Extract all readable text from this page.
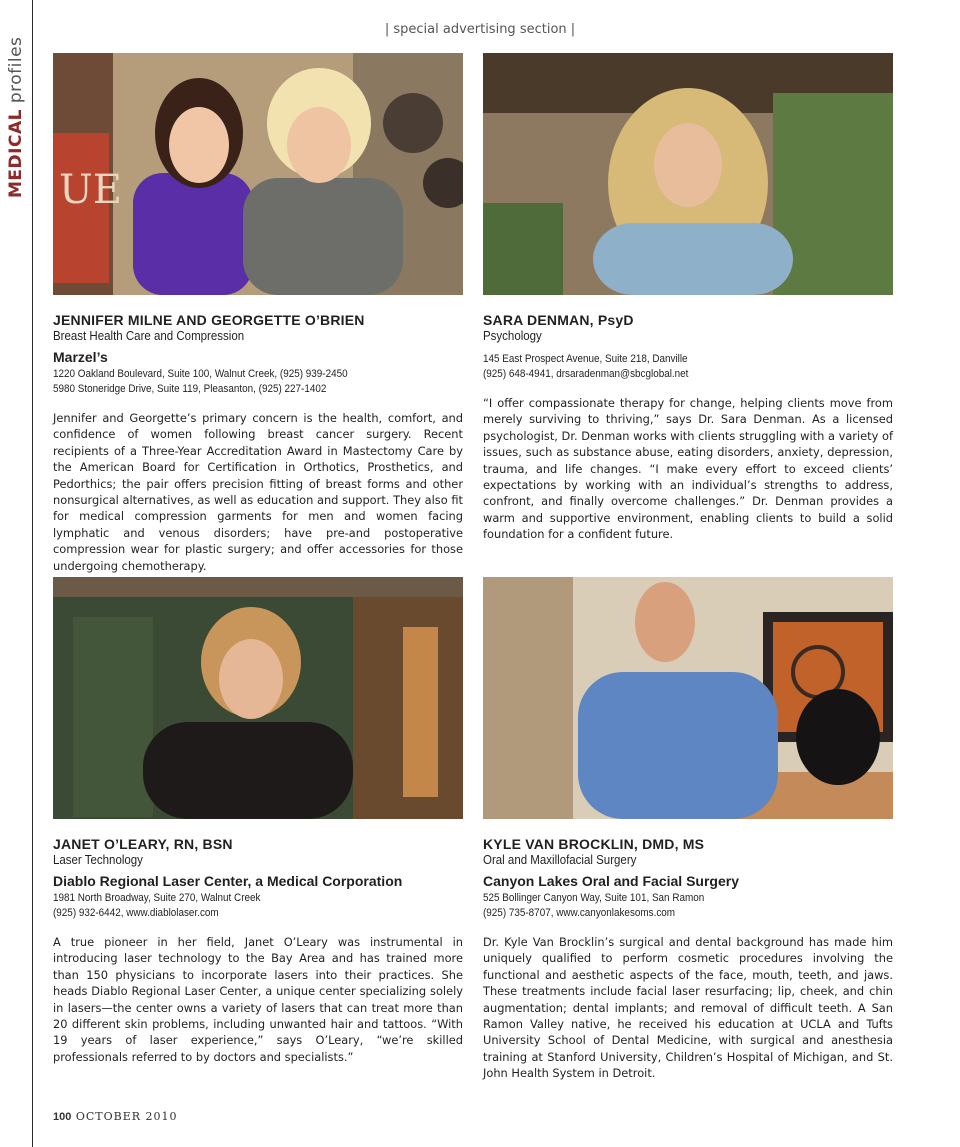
MEDICAL profiles
| special advertising section |
UE
JENNIFER MILNE AND GEORGETTE O’BRIEN
Breast Health Care and Compression
Marzel’s
1220 Oakland Boulevard, Suite 100, Walnut Creek, (925) 939-2450
5980 Stoneridge Drive, Suite 119, Pleasanton, (925) 227-1402
Jennifer and Georgette’s primary concern is the health, comfort, and confidence of women following breast cancer surgery. Recent recipients of a Three-Year Accreditation Award in Mastectomy Care by the American Board for Certification in Orthotics, Prosthetics, and Pedorthics; the pair offers precision fitting of breast forms and other nonsurgical alternatives, as well as education and support. They also fit for medical compression garments for men and women facing lymphatic and venous disorders; have pre-and postoperative compression wear for plastic surgery; and offer accessories for those undergoing chemotherapy.
SARA DENMAN, PsyD
Psychology
145 East Prospect Avenue, Suite 218, Danville
(925) 648-4941, drsaradenman@sbcglobal.net
“I offer compassionate therapy for change, helping clients move from merely surviving to thriving,” says Dr. Sara Denman. As a licensed psychologist, Dr. Denman works with clients struggling with a variety of issues, such as substance abuse, eating disorders, anxiety, depression, trauma, and life changes. “I make every effort to exceed clients’ expectations by working with an individual’s strengths to address, confront, and finally overcome challenges.” Dr. Denman provides a warm and supportive environment, enabling clients to build a solid foundation for a confident future.
JANET O’LEARY, RN, BSN
Laser Technology
Diablo Regional Laser Center, a Medical Corporation
1981 North Broadway, Suite 270, Walnut Creek
(925) 932-6442, www.diablolaser.com
A true pioneer in her field, Janet O’Leary was instrumental in introducing laser technology to the Bay Area and has trained more than 150 physicians to incorporate lasers into their practices. She heads Diablo Regional Laser Center, a unique center specializing solely in lasers—the center owns a variety of lasers that can treat more than 20 different skin problems, including unwanted hair and tattoos. “With 19 years of laser experience,” says O’Leary, “we’re skilled professionals referred to by doctors and specialists.”
KYLE VAN BROCKLIN, DMD, MS
Oral and Maxillofacial Surgery
Canyon Lakes Oral and Facial Surgery
525 Bollinger Canyon Way, Suite 101, San Ramon
(925) 735-8707, www.canyonlakesoms.com
Dr. Kyle Van Brocklin’s surgical and dental background has made him uniquely qualified to perform cosmetic procedures involving the functional and aesthetic aspects of the face, mouth, teeth, and jaws. These treatments include facial laser resurfacing; lip, cheek, and chin augmentation; dental implants; and removal of difficult teeth. A San Ramon Valley native, he received his education at UCLA and Tufts University School of Dental Medicine, with surgical and anesthesia training at Stanford University, Children’s Hospital of Michigan, and St. John Health System in Detroit.
100 OCTOBER 2010
